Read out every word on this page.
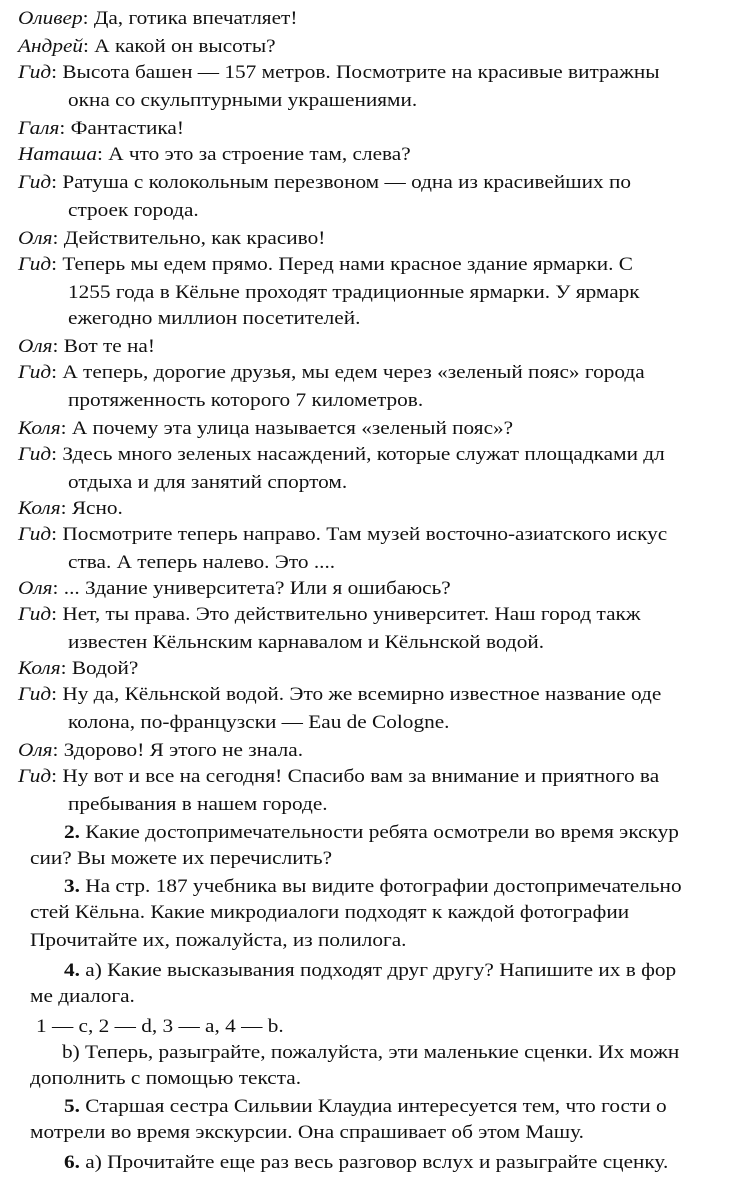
Оливер: Да, готика впечатляет!
Андрей: А какой он высоты?
Гид: Высота башен — 157 метров. Посмотрите на красивые витражны
окна со скульптурными украшениями.
Галя: Фантастика!
Наташа: А что это за строение там, слева?
Гид: Ратуша с колокольным перезвоном — одна из красивейших по
строек города.
Оля: Действительно, как красиво!
Гид: Теперь мы едем прямо. Перед нами красное здание ярмарки. С
1255 года в Кёльне проходят традиционные ярмарки. У ярмарк
ежегодно миллион посетителей.
Оля: Вот те на!
Гид: А теперь, дорогие друзья, мы едем через «зеленый пояс» города
протяженность которого 7 километров.
Коля: А почему эта улица называется «зеленый пояс»?
Гид: Здесь много зеленых насаждений, которые служат площадками дл
отдыха и для занятий спортом.
Коля: Ясно.
Гид: Посмотрите теперь направо. Там музей восточно-азиатского искус
ства. А теперь налево. Это ....
Оля: ... Здание университета? Или я ошибаюсь?
Гид: Нет, ты права. Это действительно университет. Наш город такж
известен Кёльнским карнавалом и Кёльнской водой.
Коля: Водой?
Гид: Ну да, Кёльнской водой. Это же всемирно известное название оде
колона, по-французски — Eau de Cologne.
Оля: Здорово! Я этого не знала.
Гид: Ну вот и все на сегодня! Спасибо вам за внимание и приятного ва
пребывания в нашем городе.
2. Какие достопримечательности ребята осмотрели во время экскур
сии? Вы можете их перечислить?
3. На стр. 187 учебника вы видите фотографии достопримечательно
стей Кёльна. Какие микродиалоги подходят к каждой фотографии
Прочитайте их, пожалуйста, из полилога.
4. а) Какие высказывания подходят друг другу? Напишите их в фор
ме диалога.
1 — c, 2 — d, 3 — a, 4 — b.
b) Теперь, разыграйте, пожалуйста, эти маленькие сценки. Их можн
дополнить с помощью текста.
5. Старшая сестра Сильвии Клаудиа интересуется тем, что гости о
мотрели во время экскурсии. Она спрашивает об этом Машу.
6. а) Прочитайте еще раз весь разговор вслух и разыграйте сценку.
